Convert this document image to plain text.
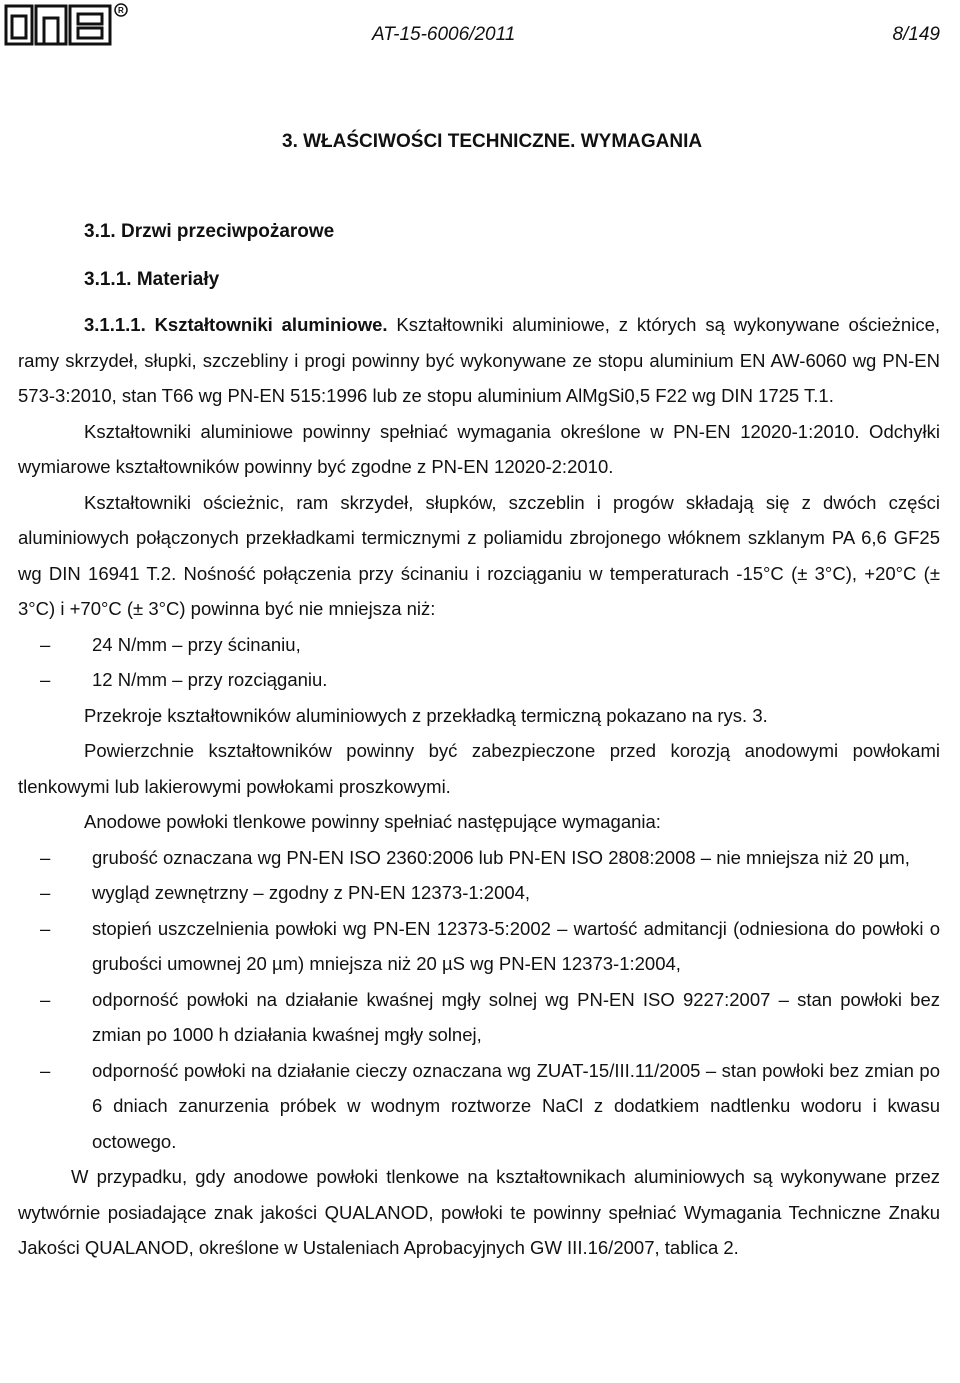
R
AT-15-6006/2011	8/149
3. WŁAŚCIWOŚCI TECHNICZNE. WYMAGANIA
3.1. Drzwi przeciwpożarowe
3.1.1. Materiały

3.1.1.1. Kształtowniki aluminiowe. Kształtowniki aluminiowe, z których są wykonywane ościeżnice, ramy skrzydeł, słupki, szczebliny i progi powinny być wykonywane ze stopu aluminium EN AW-6060 wg PN-EN 573-3:2010, stan T66 wg PN-EN 515:1996 lub ze stopu aluminium AlMgSi0,5 F22 wg DIN 1725 T.1.

Kształtowniki aluminiowe powinny spełniać wymagania określone w PN-EN 12020-1:2010. Odchyłki wymiarowe kształtowników powinny być zgodne z PN-EN 12020-2:2010.

Kształtowniki ościeżnic, ram skrzydeł, słupków, szczeblin i progów składają się z dwóch części aluminiowych połączonych przekładkami termicznymi z poliamidu zbrojonego włóknem szklanym PA 6,6 GF25 wg DIN 16941 T.2. Nośność połączenia przy ścinaniu i rozciąganiu w temperaturach -15°C (± 3°C), +20°C (± 3°C) i +70°C (± 3°C) powinna być nie mniejsza niż:

– 24 N/mm – przy ścinaniu,
– 12 N/mm – przy rozciąganiu.

Przekroje kształtowników aluminiowych z przekładką termiczną pokazano na rys. 3.

Powierzchnie kształtowników powinny być zabezpieczone przed korozją anodowymi powłokami tlenkowymi lub lakierowymi powłokami proszkowymi.

Anodowe powłoki tlenkowe powinny spełniać następujące wymagania:

– grubość oznaczana wg PN-EN ISO 2360:2006 lub PN-EN ISO 2808:2008 – nie mniejsza niż 20 µm,
– wygląd zewnętrzny – zgodny z PN-EN 12373-1:2004,
– stopień uszczelnienia powłoki wg PN-EN 12373-5:2002 – wartość admitancji (odniesiona do powłoki o grubości umownej 20 µm) mniejsza niż 20 µS wg PN-EN 12373-1:2004,
– odporność powłoki na działanie kwaśnej mgły solnej wg PN-EN ISO 9227:2007 – stan powłoki bez zmian po 1000 h działania kwaśnej mgły solnej,
– odporność powłoki na działanie cieczy oznaczana wg ZUAT-15/III.11/2005 – stan powłoki bez zmian po 6 dniach zanurzenia próbek w wodnym roztworze NaCl z dodatkiem nadtlenku wodoru i kwasu octowego.

W przypadku, gdy anodowe powłoki tlenkowe na kształtownikach aluminiowych są wykonywane przez wytwórnie posiadające znak jakości QUALANOD, powłoki te powinny spełniać Wymagania Techniczne Znaku Jakości QUALANOD, określone w Ustaleniach Aprobacyjnych GW III.16/2007, tablica 2.
